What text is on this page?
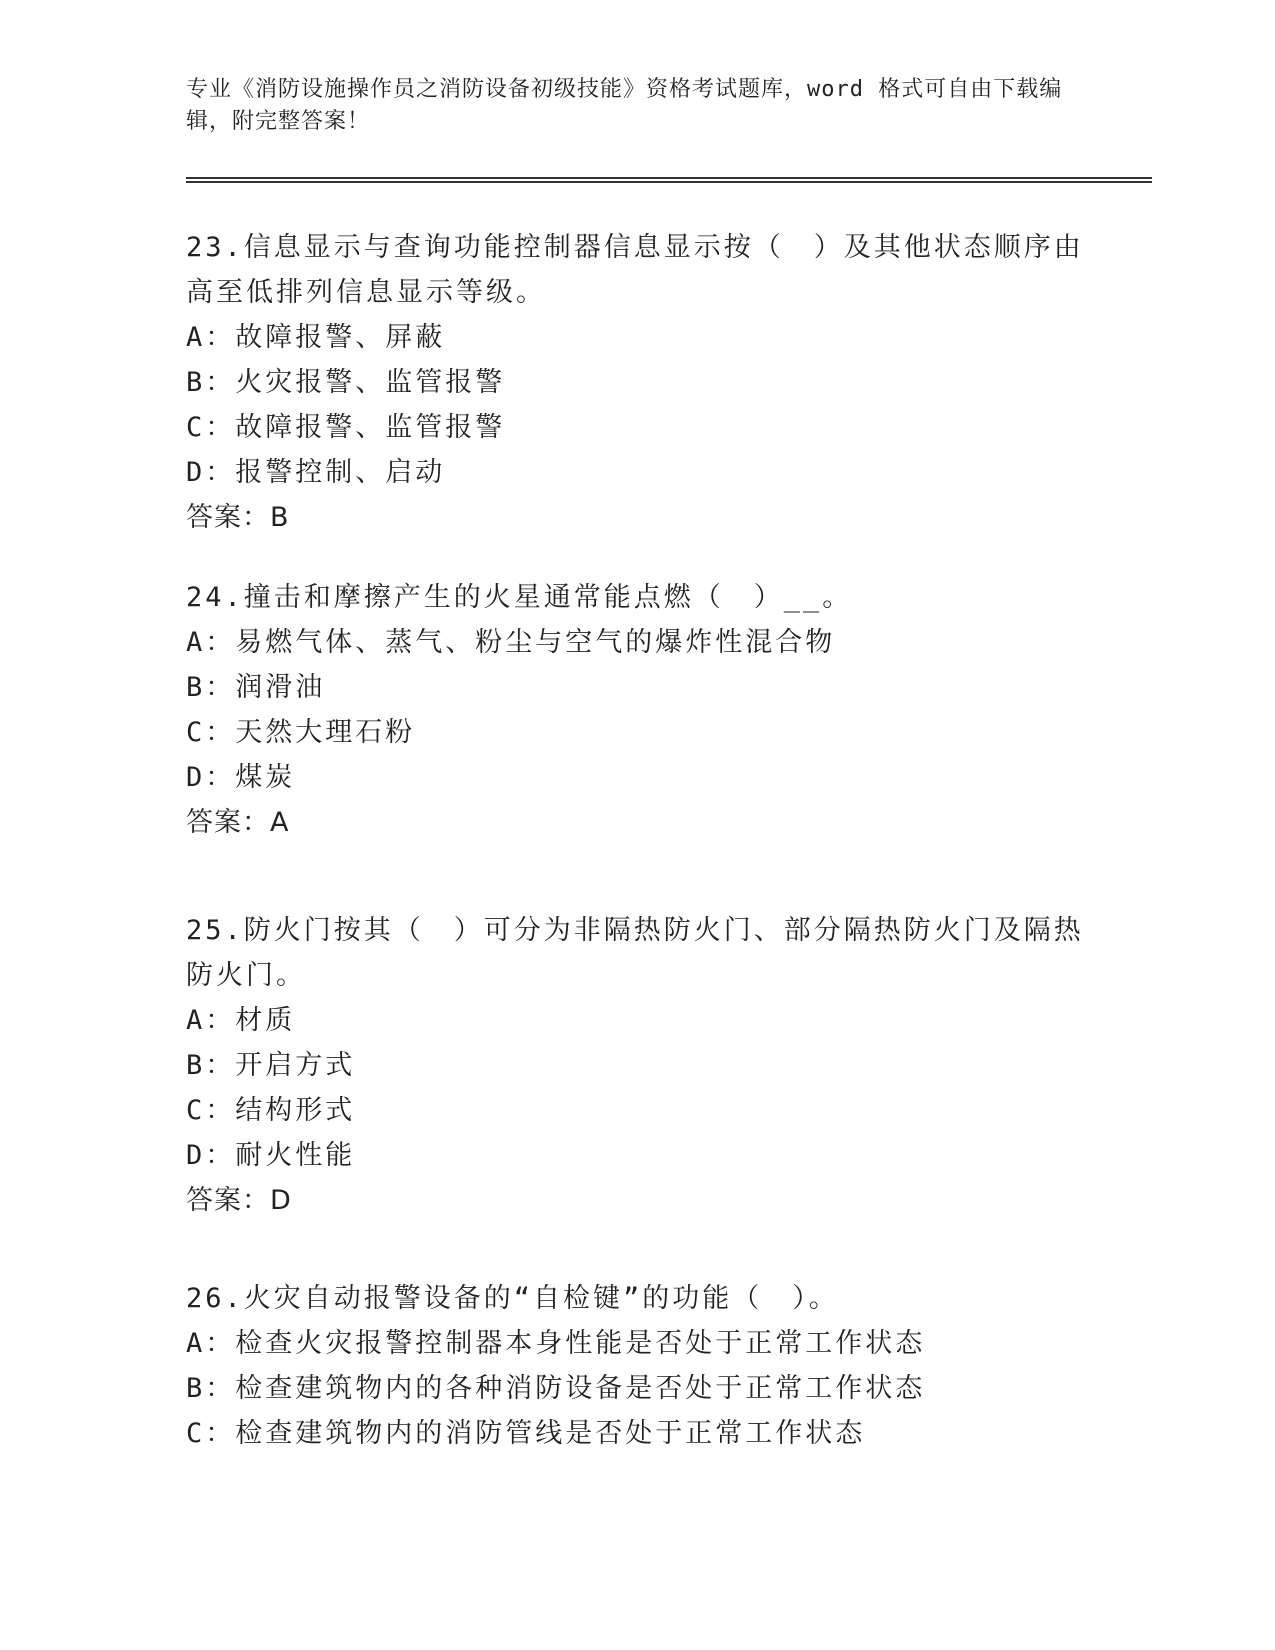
专业《消防设施操作员之消防设备初级技能》资格考试题库，word 格式可自由下载编辑，附完整答案！
23.信息显示与查询功能控制器信息显示按（　）及其他状态顺序由高至低排列信息显示等级。
A：故障报警、屏蔽
B：火灾报警、监管报警
C：故障报警、监管报警
D：报警控制、启动
答案：B
24.撞击和摩擦产生的火星通常能点燃（　）__。
A：易燃气体、蒸气、粉尘与空气的爆炸性混合物
B：润滑油
C：天然大理石粉
D：煤炭
答案：A
25.防火门按其（　）可分为非隔热防火门、部分隔热防火门及隔热防火门。
A：材质
B：开启方式
C：结构形式
D：耐火性能
答案：D
26.火灾自动报警设备的“自检键”的功能（　）。
A：检查火灾报警控制器本身性能是否处于正常工作状态
B：检查建筑物内的各种消防设备是否处于正常工作状态
C：检查建筑物内的消防管线是否处于正常工作状态
